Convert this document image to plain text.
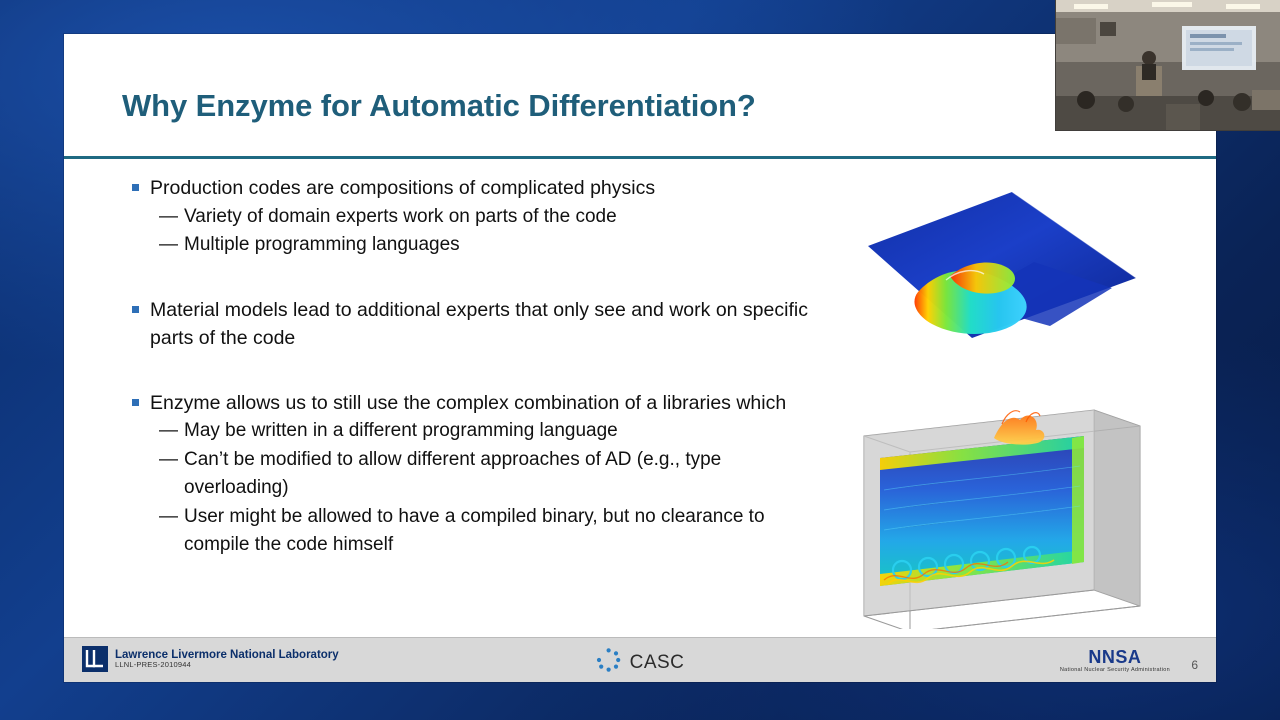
Why Enzyme for Automatic Differentiation?
Production codes are compositions of complicated physics
— Variety of domain experts work on parts of the code
— Multiple programming languages
Material models lead to additional experts that only see and work on specific parts of the code
Enzyme allows us to still use the complex combination of a libraries which
— May be written in a different programming language
— Can’t be modified to allow different approaches of AD (e.g., type overloading)
— User might be allowed to have a compiled binary, but no clearance to compile the code himself
Lawrence Livermore National Laboratory
LLNL-PRES-2010944	CASC	NNSA
National Nuclear Security Administration 6
